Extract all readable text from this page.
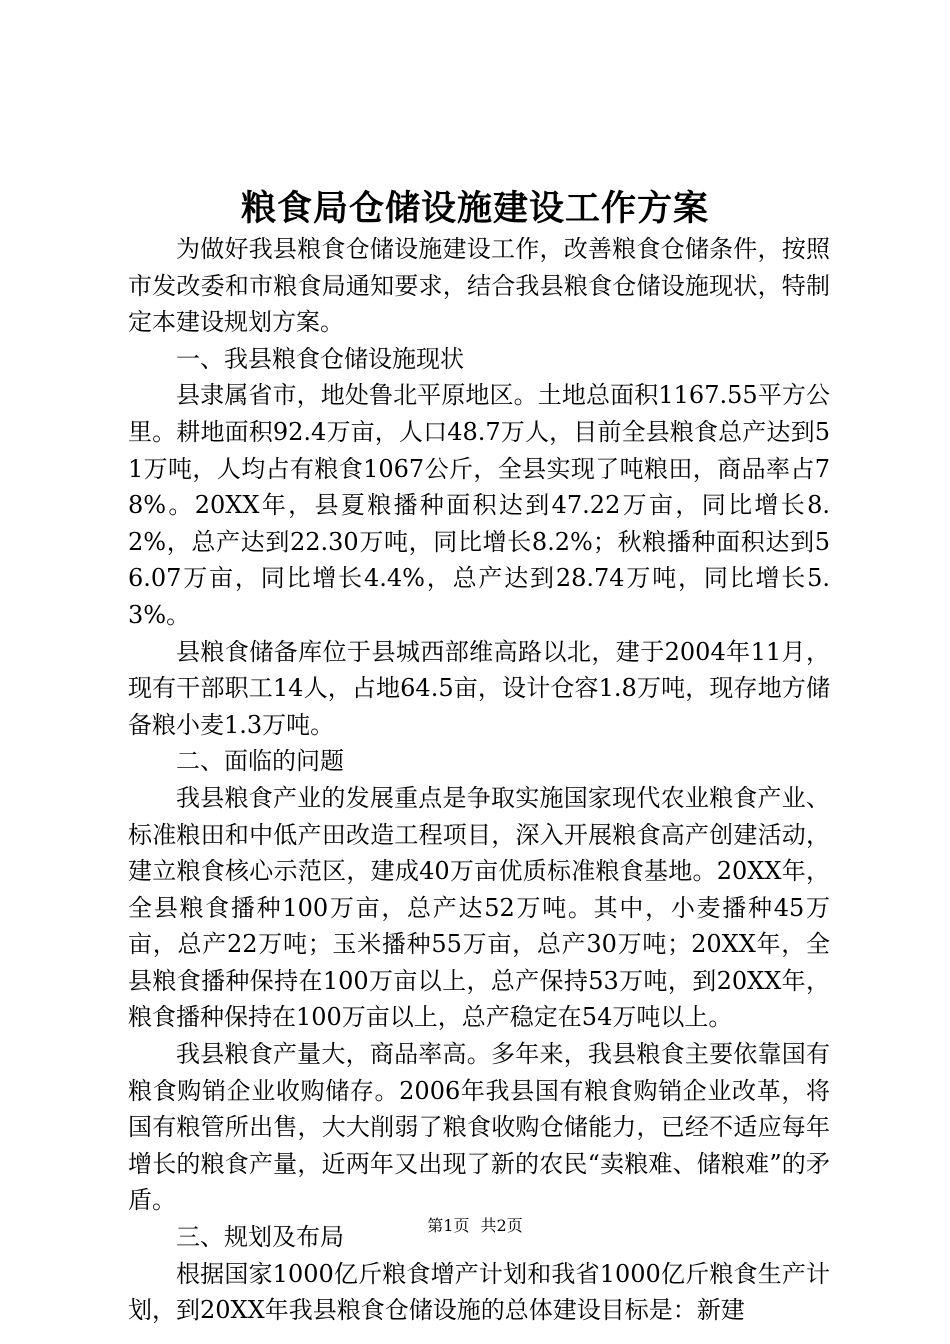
粮食局仓储设施建设工作方案

为做好我县粮食仓储设施建设工作，改善粮食仓储条件，按照市发改委和市粮食局通知要求，结合我县粮食仓储设施现状，特制定本建设规划方案。

一、我县粮食仓储设施现状

县隶属省市，地处鲁北平原地区。土地总面积1167.55平方公里。耕地面积92.4万亩，人口48.7万人，目前全县粮食总产达到51万吨，人均占有粮食1067公斤，全县实现了吨粮田，商品率占78%。20XX年，县夏粮播种面积达到47.22万亩，同比增长8.2%，总产达到22.30万吨，同比增长8.2%；秋粮播种面积达到56.07万亩，同比增长4.4%，总产达到28.74万吨，同比增长5.3%。

县粮食储备库位于县城西部维高路以北，建于2004年11月，现有干部职工14人，占地64.5亩，设计仓容1.8万吨，现存地方储备粮小麦1.3万吨。

二、面临的问题

我县粮食产业的发展重点是争取实施国家现代农业粮食产业、标准粮田和中低产田改造工程项目，深入开展粮食高产创建活动，建立粮食核心示范区，建成40万亩优质标准粮食基地。20XX年，全县粮食播种100万亩，总产达52万吨。其中，小麦播种45万亩，总产22万吨；玉米播种55万亩，总产30万吨；20XX年，全县粮食播种保持在100万亩以上，总产保持53万吨，到20XX年，粮食播种保持在100万亩以上，总产稳定在54万吨以上。

我县粮食产量大，商品率高。多年来，我县粮食主要依靠国有粮食购销企业收购储存。2006年我县国有粮食购销企业改革，将国有粮管所出售，大大削弱了粮食收购仓储能力，已经不适应每年增长的粮食产量，近两年又出现了新的农民“卖粮难、储粮难”的矛盾。

三、规划及布局

根据国家1000亿斤粮食增产计划和我省1000亿斤粮食生产计划，到20XX年我县粮食仓储设施的总体建设目标是：新建

第1页 共2页
